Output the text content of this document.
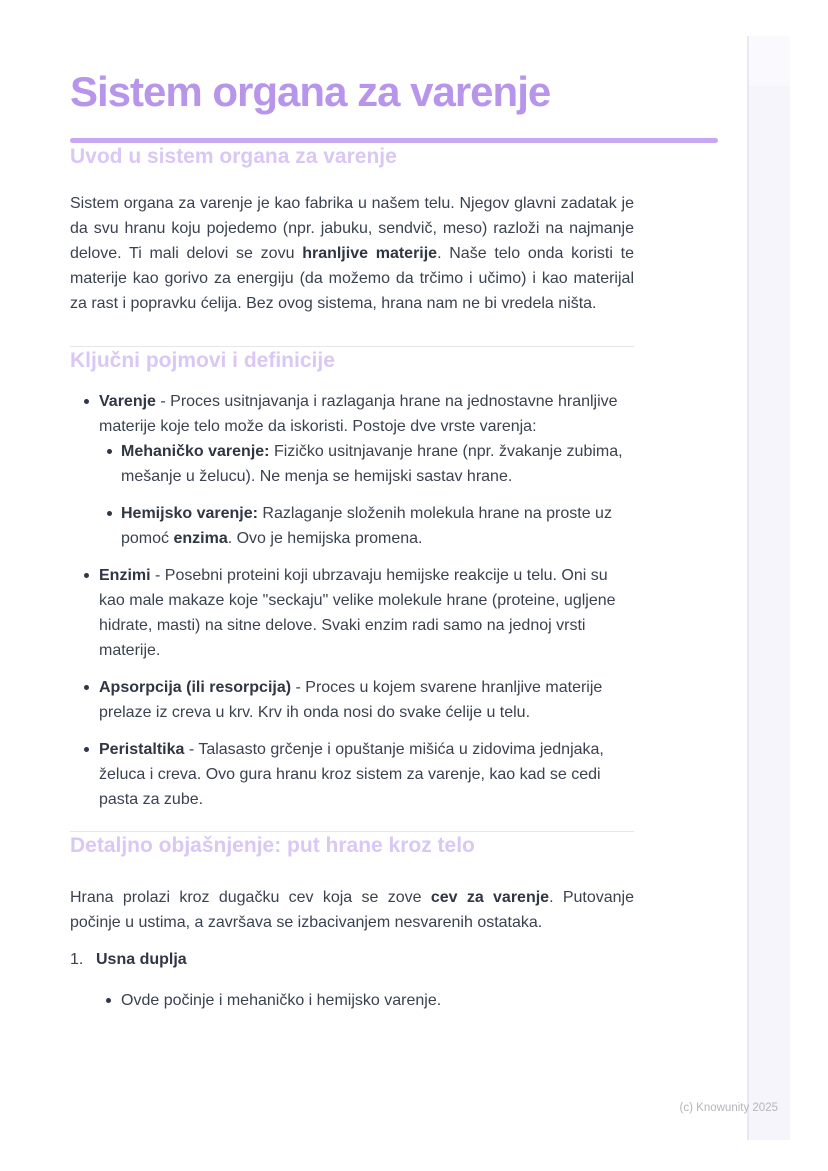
Sistem organa za varenje
Uvod u sistem organa za varenje

Sistem organa za varenje je kao fabrika u našem telu. Njegov glavni zadatak je da svu hranu koju pojedemo (npr. jabuku, sendvič, meso) razloži na najmanje delove. Ti mali delovi se zovu hranljive materije. Naše telo onda koristi te materije kao gorivo za energiju (da možemo da trčimo i učimo) i kao materijal za rast i popravku ćelija. Bez ovog sistema, hrana nam ne bi vredela ništa.

Ključni pojmovi i definicije
Varenje - Proces usitnjavanja i razlaganja hrane na jednostavne hranljive materije koje telo može da iskoristi. Postoje dve vrste varenja:
Mehaničko varenje: Fizičko usitnjavanje hrane (npr. žvakanje zubima, mešanje u želucu). Ne menja se hemijski sastav hrane.
Hemijsko varenje: Razlaganje složenih molekula hrane na proste uz pomoć enzima. Ovo je hemijska promena.
Enzimi - Posebni proteini koji ubrzavaju hemijske reakcije u telu. Oni su kao male makaze koje "seckaju" velike molekule hrane (proteine, ugljene hidrate, masti) na sitne delove. Svaki enzim radi samo na jednoj vrsti materije.
Apsorpcija (ili resorpcija) - Proces u kojem svarene hranljive materije prelaze iz creva u krv. Krv ih onda nosi do svake ćelije u telu.
Peristaltika - Talasasto grčenje i opuštanje mišića u zidovima jednjaka, želuca i creva. Ovo gura hranu kroz sistem za varenje, kao kad se cedi pasta za zube.
Detaljno objašnjenje: put hrane kroz telo

Hrana prolazi kroz dugačku cev koja se zove cev za varenje. Putovanje počinje u ustima, a završava se izbacivanjem nesvarenih ostataka.

1. Usna duplja
Ovde počinje i mehaničko i hemijsko varenje.
(c) Knowunity 2025
